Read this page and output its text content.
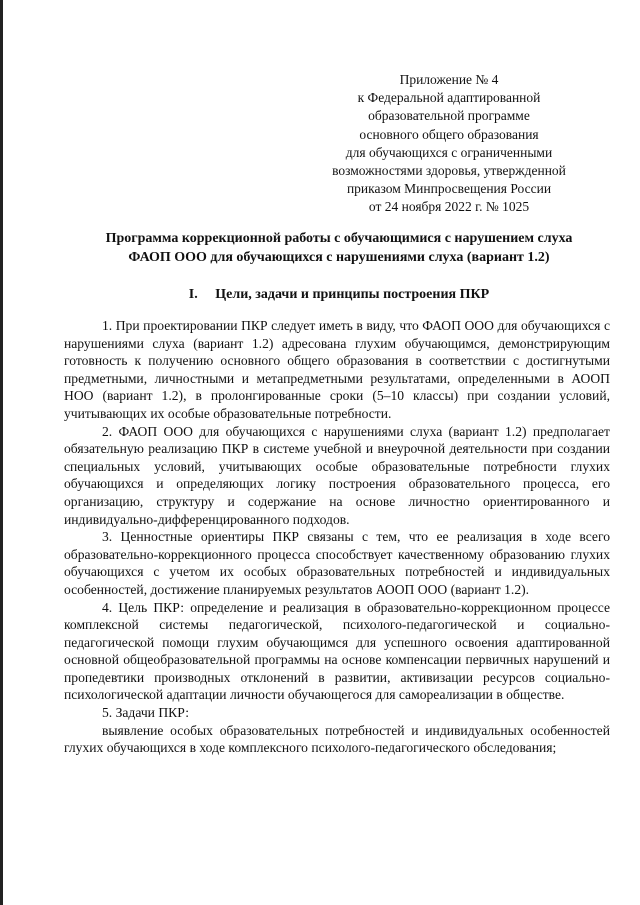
Приложение № 4
к Федеральной адаптированной
образовательной программе
основного общего образования
для обучающихся с ограниченными
возможностями здоровья, утвержденной
приказом Минпросвещения России
от 24 ноября 2022 г. № 1025
Программа коррекционной работы с обучающимися с нарушением слуха
ФАОП ООО для обучающихся с нарушениями слуха (вариант 1.2)
I. Цели, задачи и принципы построения ПКР

1. При проектировании ПКР следует иметь в виду, что ФАОП ООО для обучающихся с нарушениями слуха (вариант 1.2) адресована глухим обучающимся, демонстрирующим готовность к получению основного общего образования в соответствии с достигнутыми предметными, личностными и метапредметными результатами, определенными в АООП НОО (вариант 1.2), в пролонгированные сроки (5–10 классы) при создании условий, учитывающих их особые образовательные потребности.

2. ФАОП ООО для обучающихся с нарушениями слуха (вариант 1.2) предполагает обязательную реализацию ПКР в системе учебной и внеурочной деятельности при создании специальных условий, учитывающих особые образовательные потребности глухих обучающихся и определяющих логику построения образовательного процесса, его организацию, структуру и содержание на основе личностно ориентированного и индивидуально-дифференцированного подходов.

3. Ценностные ориентиры ПКР связаны с тем, что ее реализация в ходе всего образовательно-коррекционного процесса способствует качественному образованию глухих обучающихся с учетом их особых образовательных потребностей и индивидуальных особенностей, достижение планируемых результатов АООП ООО (вариант 1.2).

4. Цель ПКР: определение и реализация в образовательно-коррекционном процессе комплексной системы педагогической, психолого-педагогической и социально-педагогической помощи глухим обучающимся для успешного освоения адаптированной основной общеобразовательной программы на основе компенсации первичных нарушений и пропедевтики производных отклонений в развитии, активизации ресурсов социально-психологической адаптации личности обучающегося для самореализации в обществе.

5. Задачи ПКР:

выявление особых образовательных потребностей и индивидуальных особенностей глухих обучающихся в ходе комплексного психолого-педагогического обследования;
